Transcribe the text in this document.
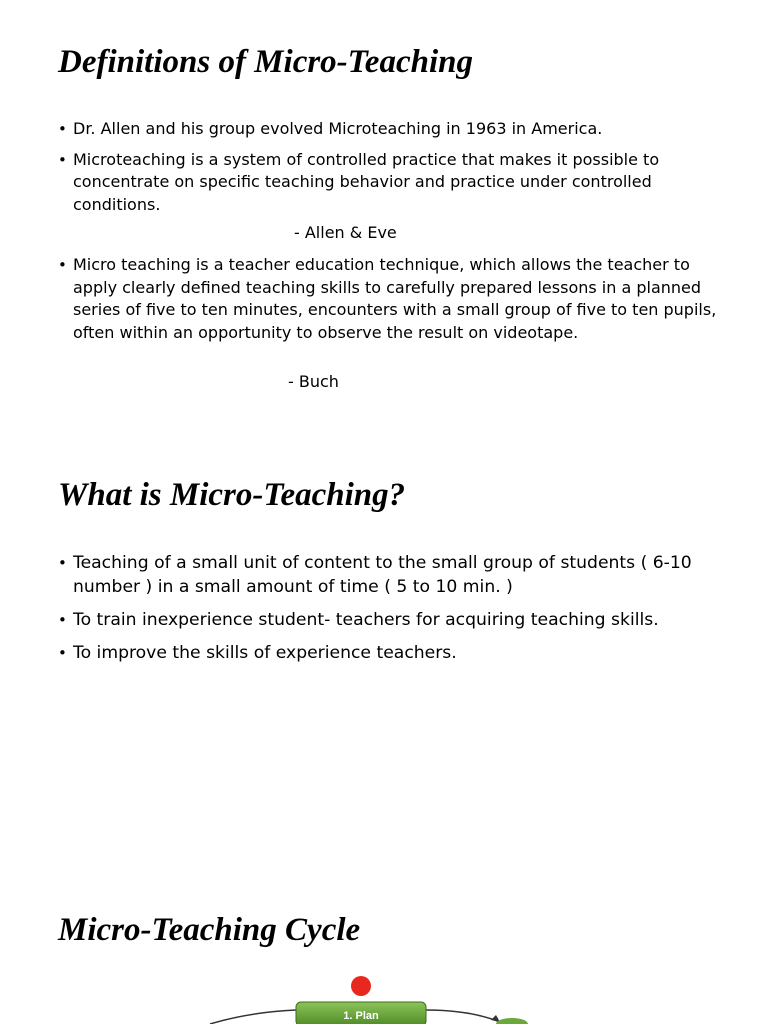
Definitions of Micro-Teaching
• Dr. Allen and his group evolved Microteaching in 1963 in America.
• Microteaching is a system of controlled practice that makes it possible to concentrate on specific teaching behavior and practice under controlled conditions.
• Micro teaching is a teacher education technique, which allows the teacher to apply clearly defined teaching skills to carefully prepared lessons in a planned series of five to ten minutes, encounters with a small group of five to ten pupils, often within an opportunity to observe the result on videotape.
- Allen & Eve
- Buch
What is Micro-Teaching?
• Teaching of a small unit of content to the small group of students ( 6-10 number ) in a small amount of time ( 5 to 10 min. )
• To train inexperience student- teachers for acquiring teaching skills.
• To improve the skills of experience teachers.
Micro-Teaching Cycle
1. Plan
